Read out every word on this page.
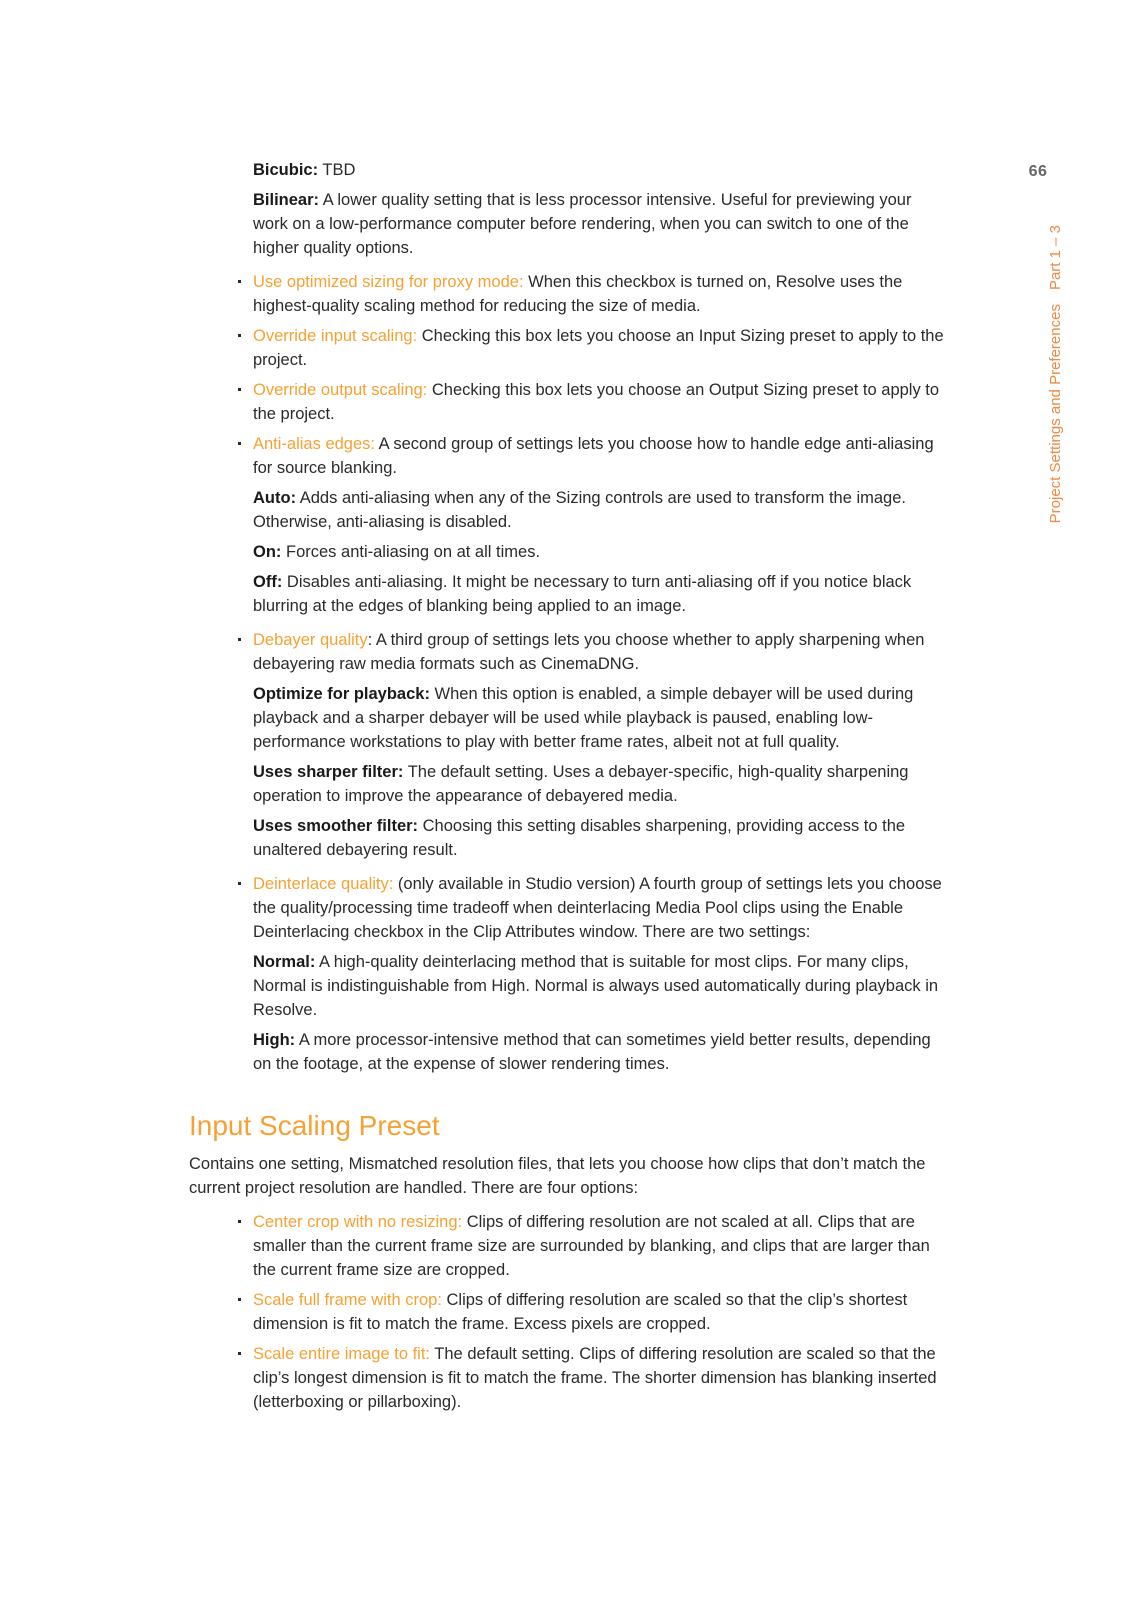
66
Project Settings and PreferencesPart 1 – 3

Bicubic: TBD

Bilinear: A lower quality setting that is less processor intensive. Useful for previewing your work on a low-performance computer before rendering, when you can switch to one of the higher quality options.

Use optimized sizing for proxy mode: When this checkbox is turned on, Resolve uses the highest-quality scaling method for reducing the size of media.

Override input scaling: Checking this box lets you choose an Input Sizing preset to apply to the project.

Override output scaling: Checking this box lets you choose an Output Sizing preset to apply to the project.

Anti-alias edges: A second group of settings lets you choose how to handle edge anti-aliasing for source blanking.

Auto: Adds anti-aliasing when any of the Sizing controls are used to transform the image. Otherwise, anti-aliasing is disabled.

On: Forces anti-aliasing on at all times.

Off: Disables anti-aliasing. It might be necessary to turn anti-aliasing off if you notice black blurring at the edges of blanking being applied to an image.

Debayer quality: A third group of settings lets you choose whether to apply sharpening when debayering raw media formats such as CinemaDNG.

Optimize for playback: When this option is enabled, a simple debayer will be used during playback and a sharper debayer will be used while playback is paused, enabling low-performance workstations to play with better frame rates, albeit not at full quality.

Uses sharper filter: The default setting. Uses a debayer-specific, high-quality sharpening operation to improve the appearance of debayered media.

Uses smoother filter: Choosing this setting disables sharpening, providing access to the unaltered debayering result.

Deinterlace quality: (only available in Studio version) A fourth group of settings lets you choose the quality/processing time tradeoff when deinterlacing Media Pool clips using the Enable Deinterlacing checkbox in the Clip Attributes window. There are two settings:

Normal: A high-quality deinterlacing method that is suitable for most clips. For many clips, Normal is indistinguishable from High. Normal is always used automatically during playback in Resolve.

High: A more processor-intensive method that can sometimes yield better results, depending on the footage, at the expense of slower rendering times.

Input Scaling Preset

Contains one setting, Mismatched resolution files, that lets you choose how clips that don’t match the current project resolution are handled. There are four options:

Center crop with no resizing: Clips of differing resolution are not scaled at all. Clips that are smaller than the current frame size are surrounded by blanking, and clips that are larger than the current frame size are cropped.

Scale full frame with crop: Clips of differing resolution are scaled so that the clip’s shortest dimension is fit to match the frame. Excess pixels are cropped.

Scale entire image to fit: The default setting. Clips of differing resolution are scaled so that the clip’s longest dimension is fit to match the frame. The shorter dimension has blanking inserted (letterboxing or pillarboxing).
